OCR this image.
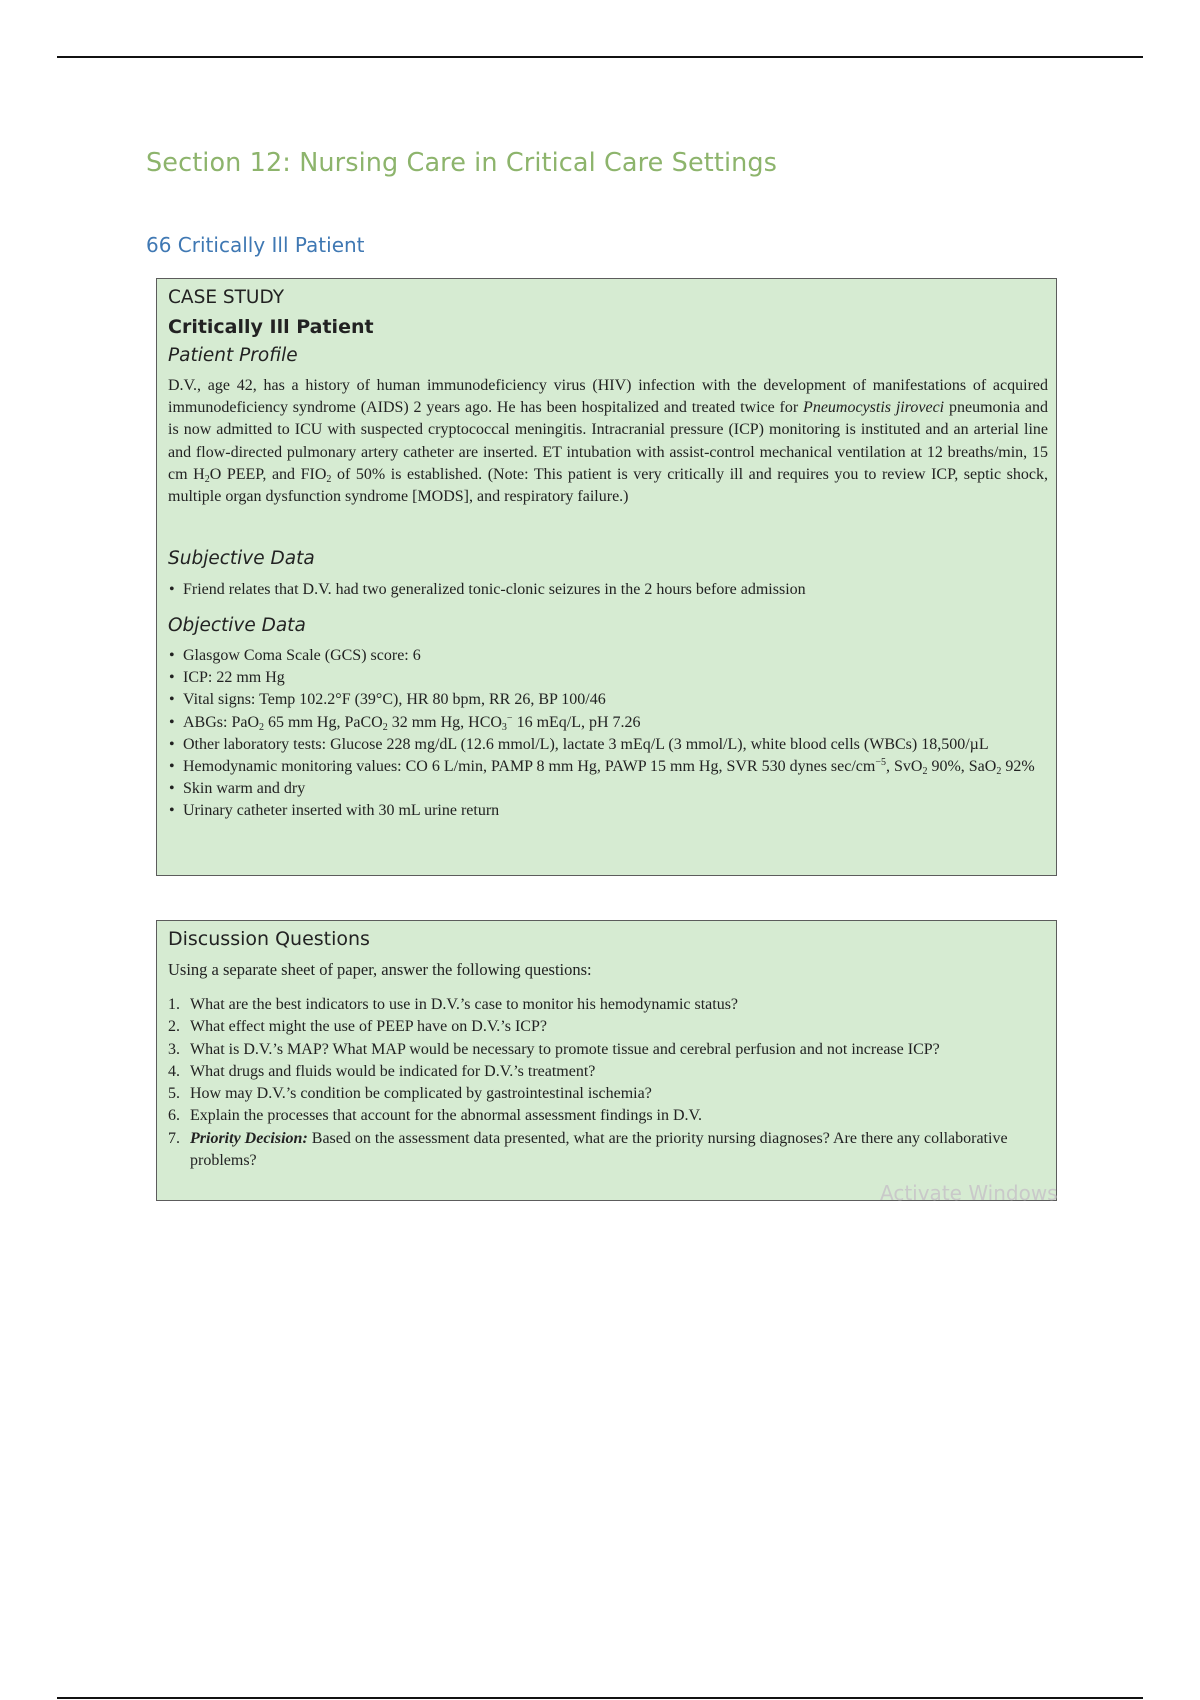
Section 12: Nursing Care in Critical Care Settings
66 Critically Ill Patient
CASE STUDY
Critically Ill Patient
Patient Profile
D.V., age 42, has a history of human immunodeficiency virus (HIV) infection with the development of manifestations of acquired immunodeficiency syndrome (AIDS) 2 years ago. He has been hospitalized and treated twice for Pneumocystis jiroveci pneumonia and is now admitted to ICU with suspected cryptococcal meningitis. Intracranial pressure (ICP) monitoring is instituted and an arterial line and flow-directed pulmonary artery catheter are inserted. ET intubation with assist-control mechanical ventilation at 12 breaths/min, 15 cm $H_2O$ PEEP, and $FIO_2$ of 50% is established. (Note: This patient is very critically ill and requires you to review ICP, septic shock, multiple organ dysfunction syndrome [MODS], and respiratory failure.)
Subjective Data
• Friend relates that D.V. had two generalized tonic-clonic seizures in the 2 hours before admission
Objective Data
• Glasgow Coma Scale (GCS) score: 6
• ICP: 22 mm Hg
• Vital signs: Temp 102.2°F (39°C), HR 80 bpm, RR 26, BP 100/46
• ABGs: PaO$_2$ 65 mm Hg, PaCO$_2$ 32 mm Hg, $HCO_3^-$ 16 mEq/L, pH 7.26
• Other laboratory tests: Glucose 228 mg/dL (12.6 mmol/L), lactate 3 mEq/L (3 mmol/L), white blood cells (WBCs) 18,500/µL
• Hemodynamic monitoring values: CO 6 L/min, PAMP 8 mm Hg, PAWP 15 mm Hg, SVR 530 dynes $\sec/cm^{-5}$, SvO$_2$ 90%, SaO$_2$ 92%
• Skin warm and dry
• Urinary catheter inserted with 30 mL urine return
Discussion Questions
Using a separate sheet of paper, answer the following questions:
1. What are the best indicators to use in D.V.’s case to monitor his hemodynamic status?
2. What effect might the use of PEEP have on D.V.’s ICP?
3. What is D.V.’s MAP? What MAP would be necessary to promote tissue and cerebral perfusion and not increase ICP?
4. What drugs and fluids would be indicated for D.V.’s treatment?
5. How may D.V.’s condition be complicated by gastrointestinal ischemia?
6. Explain the processes that account for the abnormal assessment findings in D.V.
7. Priority Decision: Based on the assessment data presented, what are the priority nursing diagnoses? Are there any collaborative problems?
Activate Windows
